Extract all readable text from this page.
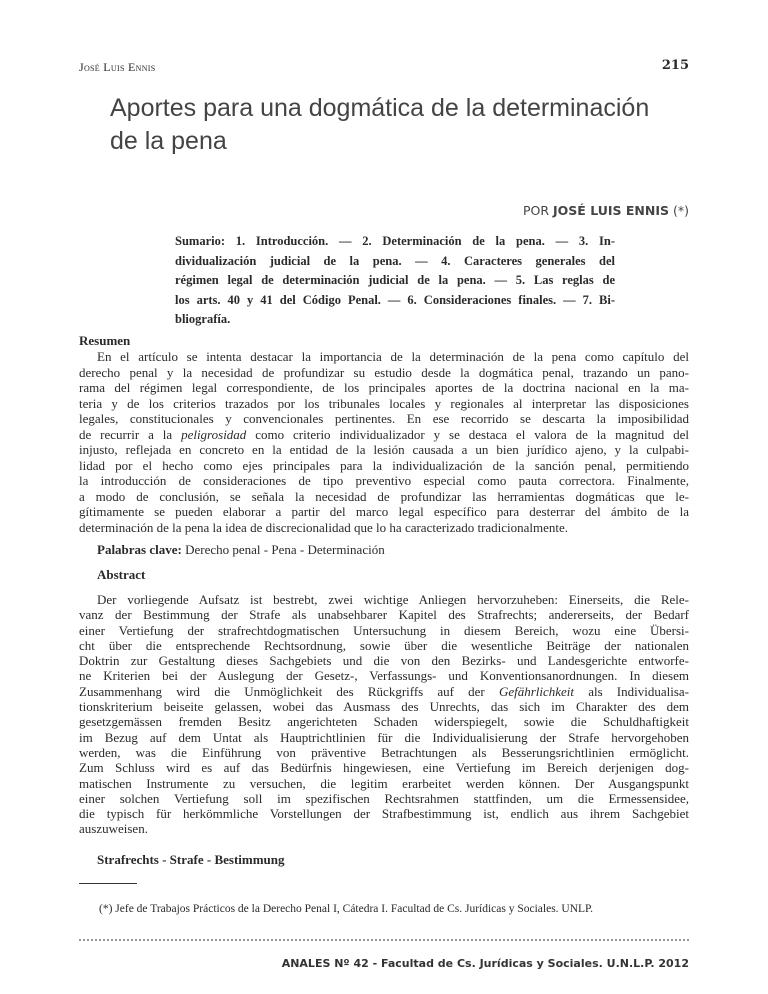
José Luis Ennis	215
Aportes para una dogmática de la determinación
de la pena
POR JOSÉ LUIS ENNIS (*)
Sumario: 1. Introducción. — 2. Determinación de la pena. — 3. In-
dividualización judicial de la pena. — 4. Caracteres generales del
régimen legal de determinación judicial de la pena. — 5. Las reglas de
los arts. 40 y 41 del Código Penal. — 6. Consideraciones finales. — 7. Bi-
bliografía.
Resumen
En el artículo se intenta destacar la importancia de la determinación de la pena como capítulo del
derecho penal y la necesidad de profundizar su estudio desde la dogmática penal, trazando un pano-
rama del régimen legal correspondiente, de los principales aportes de la doctrina nacional en la ma-
teria y de los criterios trazados por los tribunales locales y regionales al interpretar las disposiciones
legales, constitucionales y convencionales pertinentes. En ese recorrido se descarta la imposibilidad
de recurrir a la peligrosidad como criterio individualizador y se destaca el valora de la magnitud del
injusto, reflejada en concreto en la entidad de la lesión causada a un bien jurídico ajeno, y la culpabi-
lidad por el hecho como ejes principales para la individualización de la sanción penal, permitiendo
la introducción de consideraciones de tipo preventivo especial como pauta correctora. Finalmente,
a modo de conclusión, se señala la necesidad de profundizar las herramientas dogmáticas que le-
gítimamente se pueden elaborar a partir del marco legal específico para desterrar del ámbito de la
determinación de la pena la idea de discrecionalidad que lo ha caracterizado tradicionalmente.
Palabras clave: Derecho penal - Pena - Determinación
Abstract
Der vorliegende Aufsatz ist bestrebt, zwei wichtige Anliegen hervorzuheben: Einerseits, die Rele-
vanz der Bestimmung der Strafe als unabsehbarer Kapitel des Strafrechts; andererseits, der Bedarf
einer Vertiefung der strafrechtdogmatischen Untersuchung in diesem Bereich, wozu eine Übersi-
cht über die entsprechende Rechtsordnung, sowie über die wesentliche Beiträge der nationalen
Doktrin zur Gestaltung dieses Sachgebiets und die von den Bezirks- und Landesgerichte entworfe-
ne Kriterien bei der Auslegung der Gesetz-, Verfassungs- und Konventionsanordnungen. In diesem
Zusammenhang wird die Unmöglichkeit des Rückgriffs auf der Gefährlichkeit als Individualisa-
tionskriterium beiseite gelassen, wobei das Ausmass des Unrechts, das sich im Charakter des dem
gesetzgemässen fremden Besitz angerichteten Schaden widerspiegelt, sowie die Schuldhaftigkeit
im Bezug auf dem Untat als Hauptrichtlinien für die Individualisierung der Strafe hervorgehoben
werden, was die Einführung von präventive Betrachtungen als Besserungsrichtlinien ermöglicht.
Zum Schluss wird es auf das Bedürfnis hingewiesen, eine Vertiefung im Bereich derjenigen dog-
matischen Instrumente zu versuchen, die legitim erarbeitet werden können. Der Ausgangspunkt
einer solchen Vertiefung soll im spezifischen Rechtsrahmen stattfinden, um die Ermessensidee,
die typisch für herkömmliche Vorstellungen der Strafbestimmung ist, endlich aus ihrem Sachgebiet
auszuweisen.
Strafrechts - Strafe - Bestimmung
(*) Jefe de Trabajos Prácticos de la Derecho Penal I, Cátedra I. Facultad de Cs. Jurídicas y Sociales. UNLP.
ANALES Nº 42 - Facultad de Cs. Jurídicas y Sociales. U.N.L.P. 2012
